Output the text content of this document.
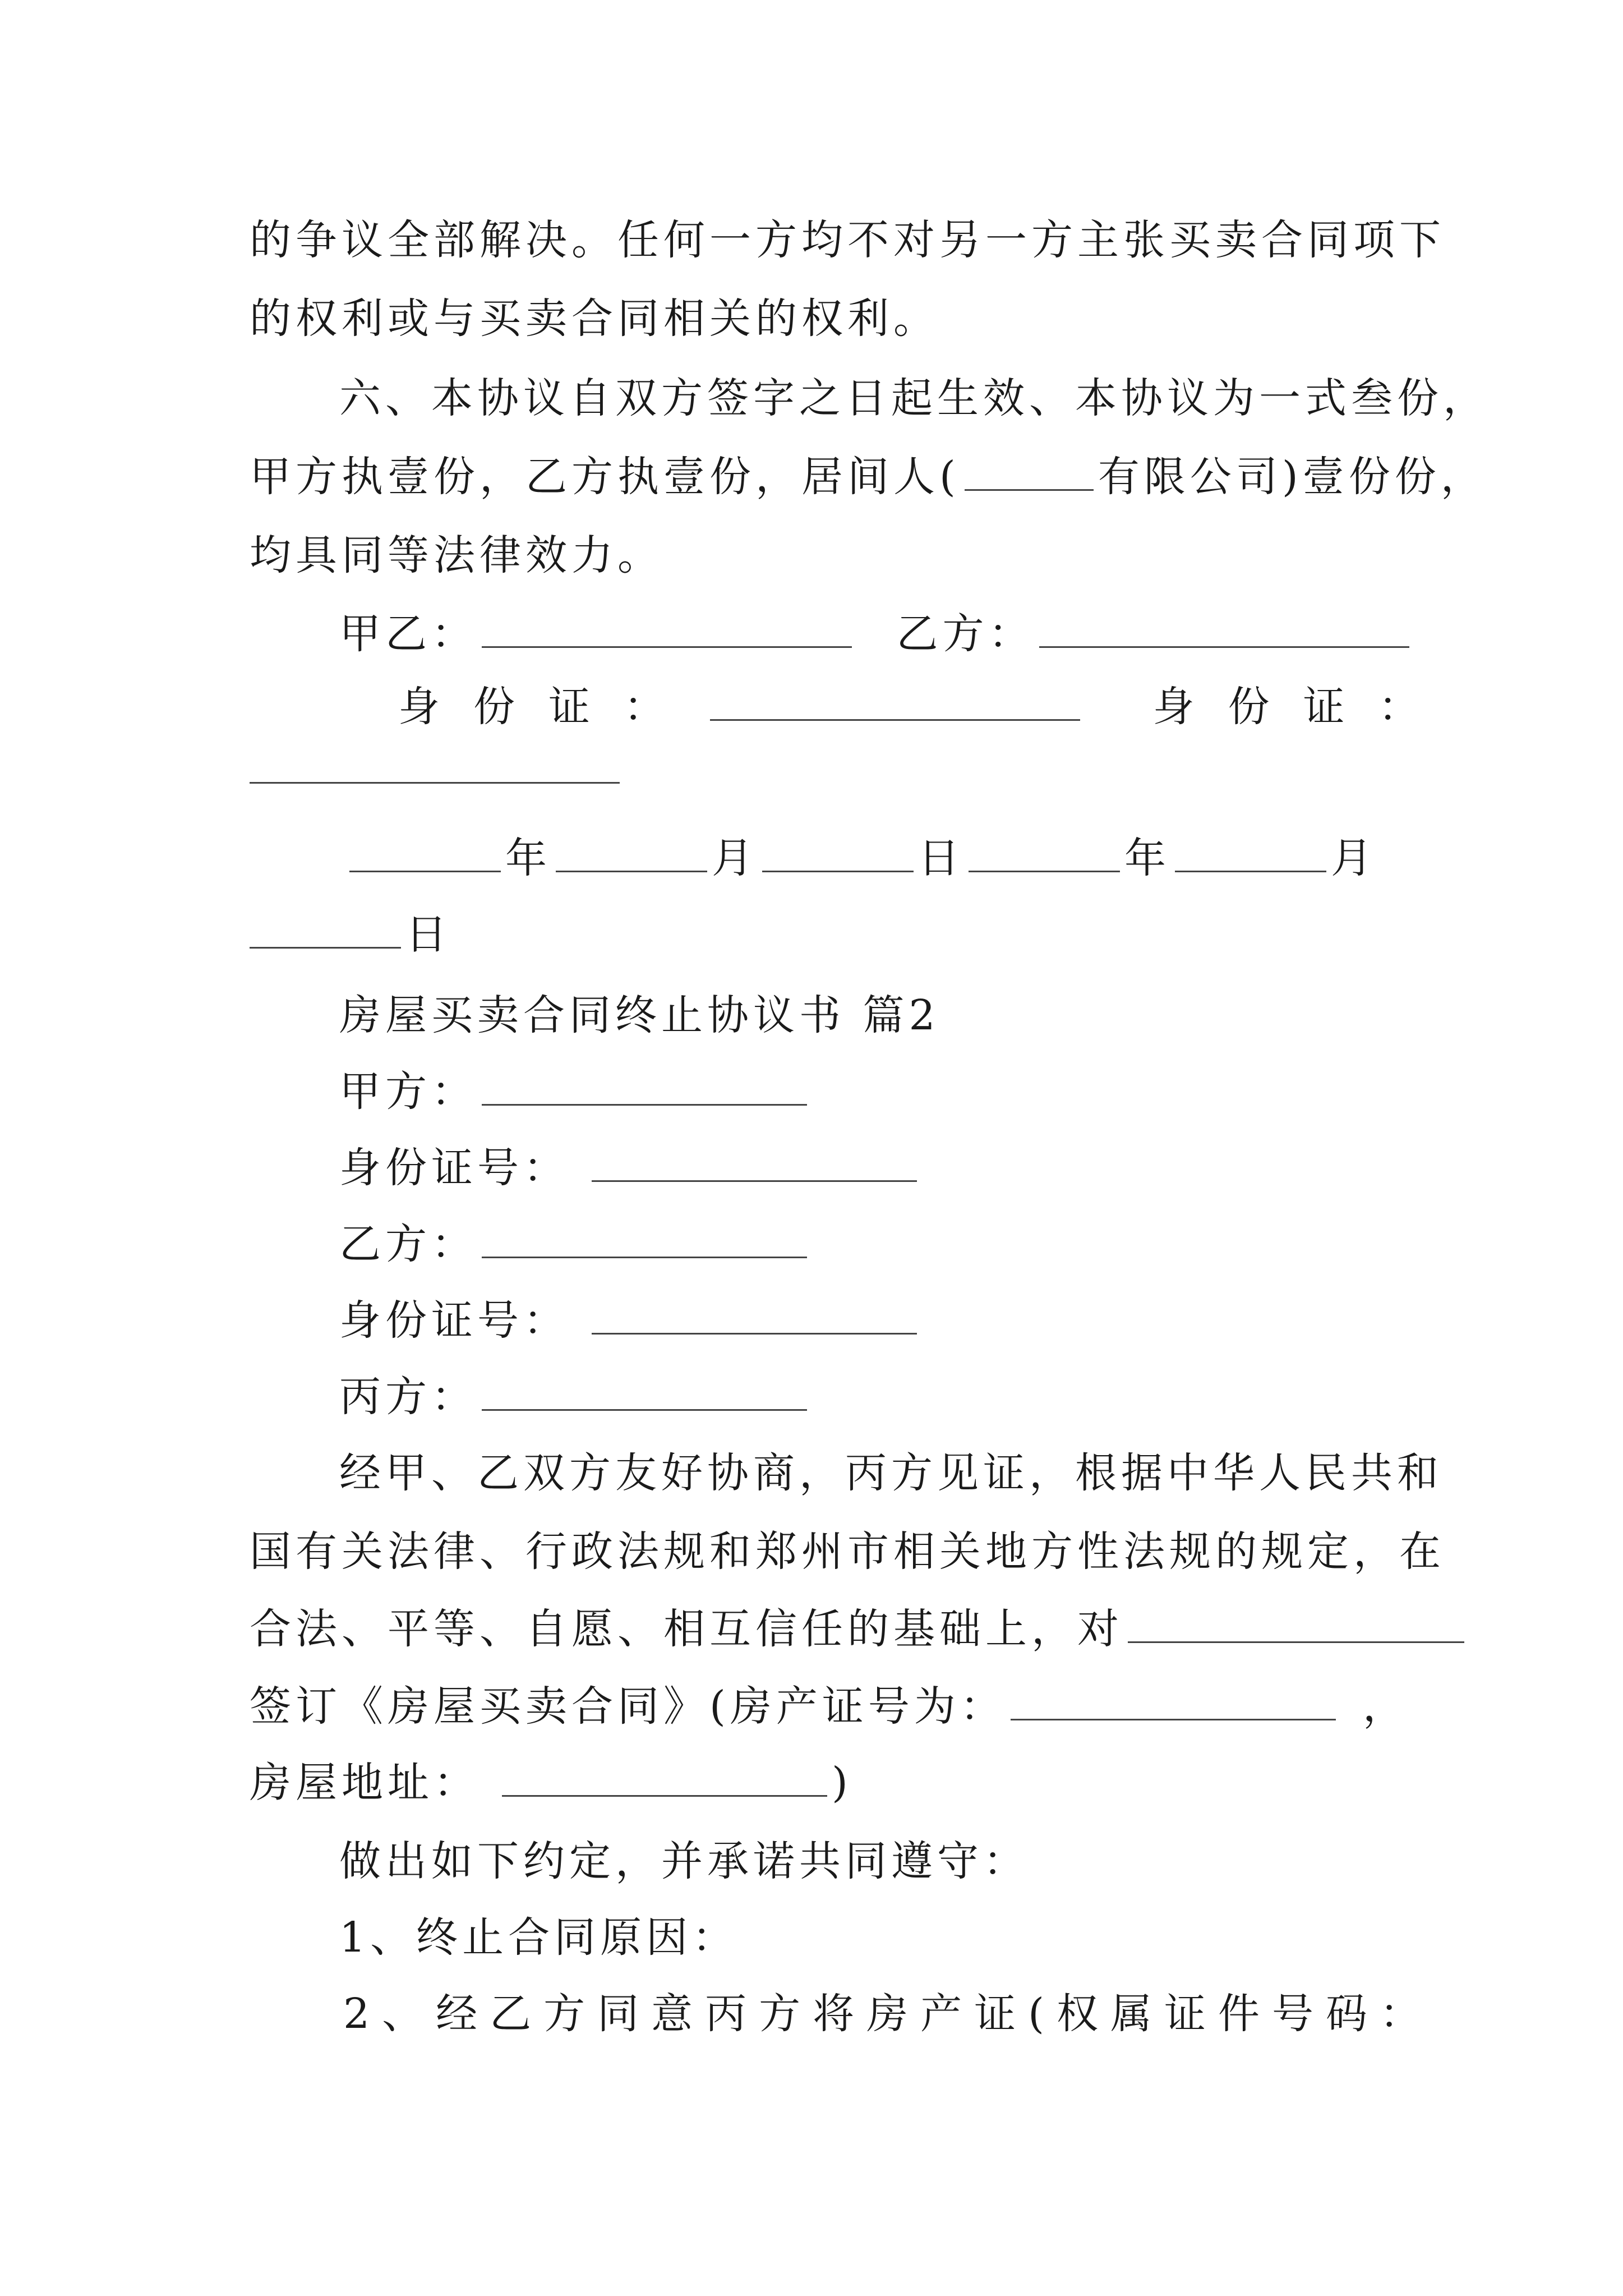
的争议全部解决。任何一方均不对另一方主张买卖合同项下
的权利或与买卖合同相关的权利。
六、本协议自双方签字之日起生效、本协议为一式叁份，
甲方执壹份，乙方执壹份，居间人(	有限公司)壹份份，
均具同等法律效力。
甲乙：	乙方：
身份证：	身份证：
年	月	日	年	月
日
房屋买卖合同终止协议书 篇2
甲方：
身份证号：
乙方：
身份证号：
丙方：
经甲、乙双方友好协商，丙方见证，根据中华人民共和
国有关法律、行政法规和郑州市相关地方性法规的规定，在
合法、平等、自愿、相互信任的基础上，对
签订《房屋买卖合同》(房产证号为：	，
房屋地址：	)
做出如下约定，并承诺共同遵守：
1、终止合同原因：
2、经乙方同意丙方将房产证(权属证件号码：
